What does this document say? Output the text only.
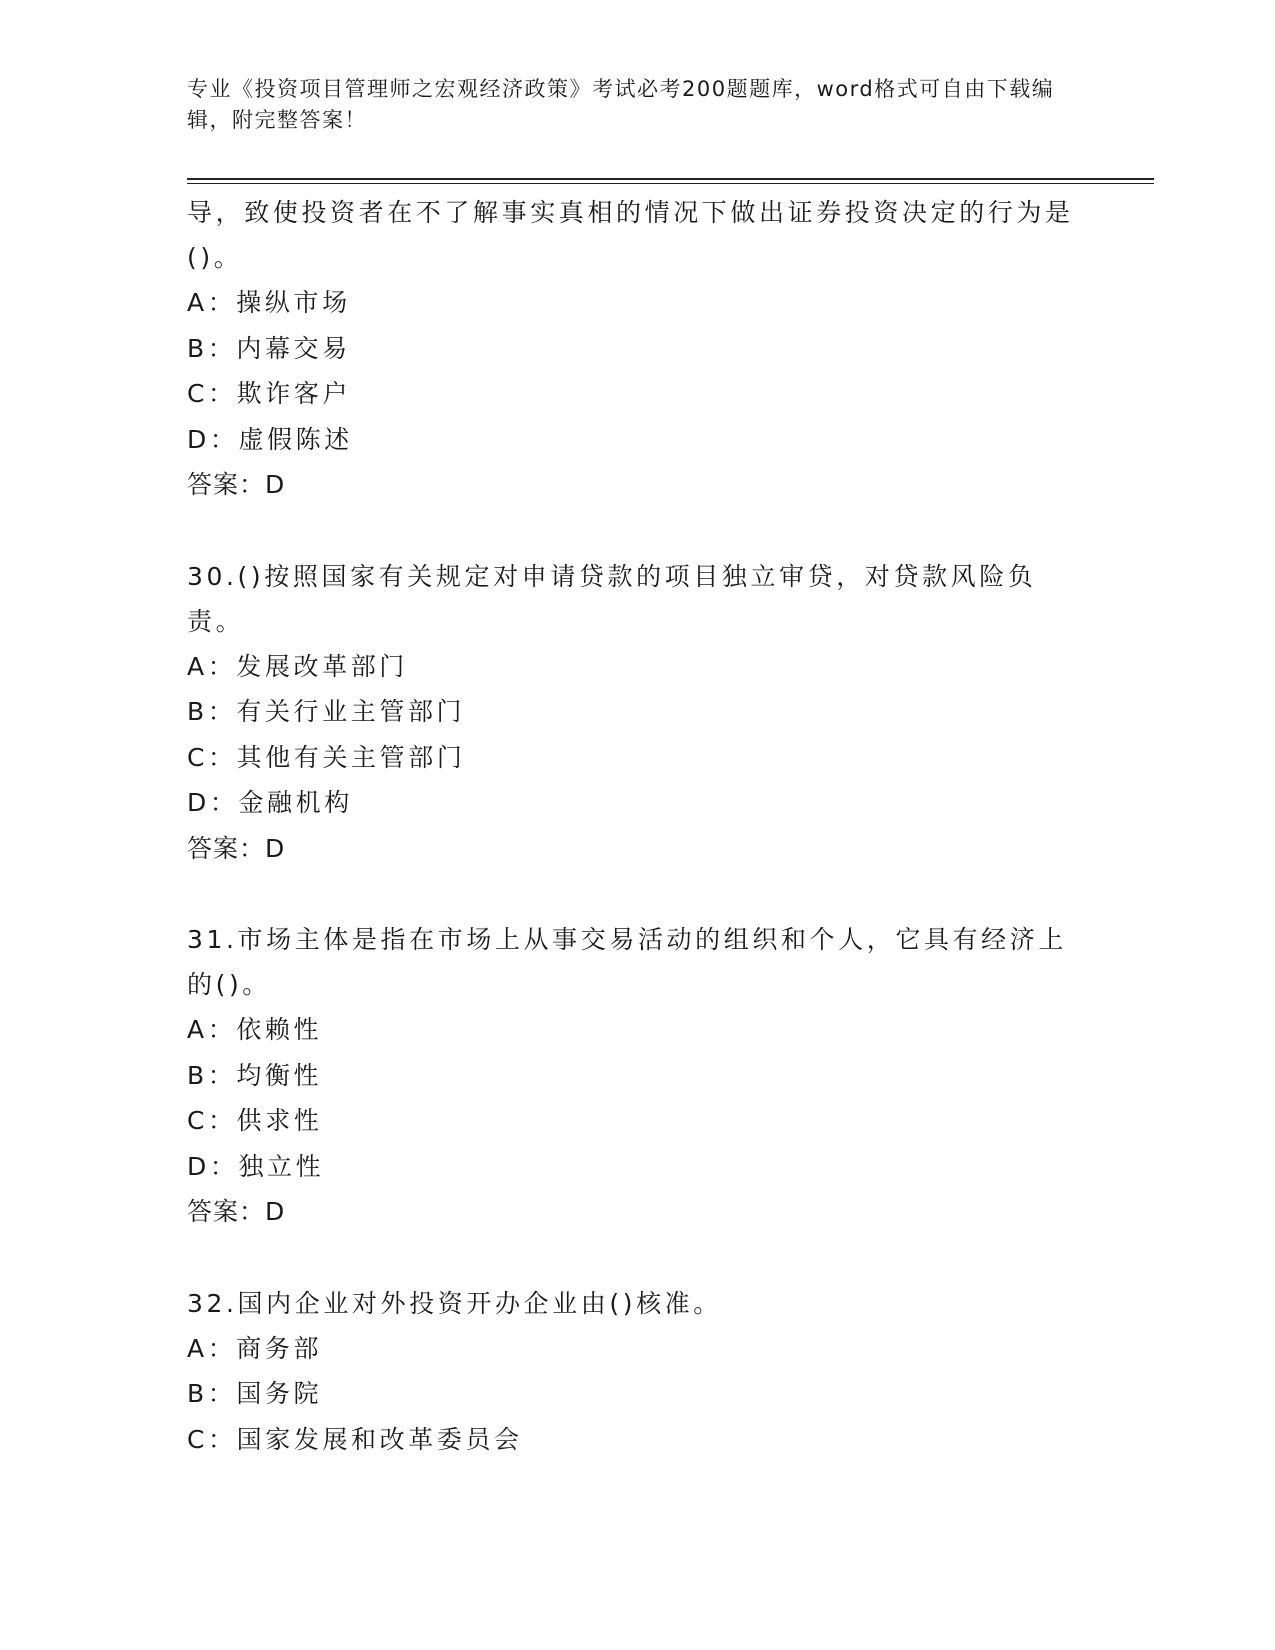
专业《投资项目管理师之宏观经济政策》考试必考200题题库，word格式可自由下载编辑，附完整答案！
导，致使投资者在不了解事实真相的情况下做出证券投资决定的行为是()。
A：操纵市场
B：内幕交易
C：欺诈客户
D：虚假陈述
答案：D
30.()按照国家有关规定对申请贷款的项目独立审贷，对贷款风险负责。
A：发展改革部门
B：有关行业主管部门
C：其他有关主管部门
D：金融机构
答案：D
31.市场主体是指在市场上从事交易活动的组织和个人，它具有经济上的()。
A：依赖性
B：均衡性
C：供求性
D：独立性
答案：D
32.国内企业对外投资开办企业由()核准。
A：商务部
B：国务院
C：国家发展和改革委员会
